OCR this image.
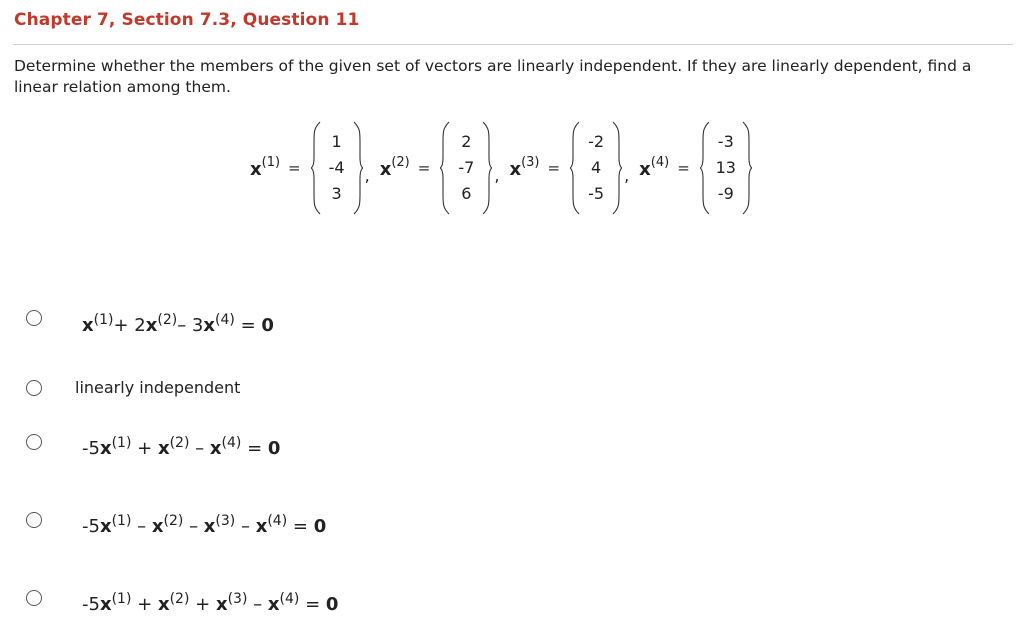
Chapter 7, Section 7.3, Question 11
Determine whether the members of the given set of vectors are linearly independent. If they are linearly dependent, find a linear relation among them.
$x^{(1)}$ =
1
-4
3
, $x^{(2)}$ =
2
-7
6
, $x^{(3)}$ =
-2
4
-5
, $x^{(4)}$ =
-3
13
-9
$x^{(1)}+ 2x^{(2)}-$ $3x^{(4)} = 0$
linearly independent
$-5x^{(1)} + x^{(2)} - x^{(4)} = 0$
$-5x^{(1)} - x^{(2)} - x^{(3)} - x^{(4)} = 0$
$-5x^{(1)} + x^{(2)} + x^{(3)} - x^{(4)} = 0$
